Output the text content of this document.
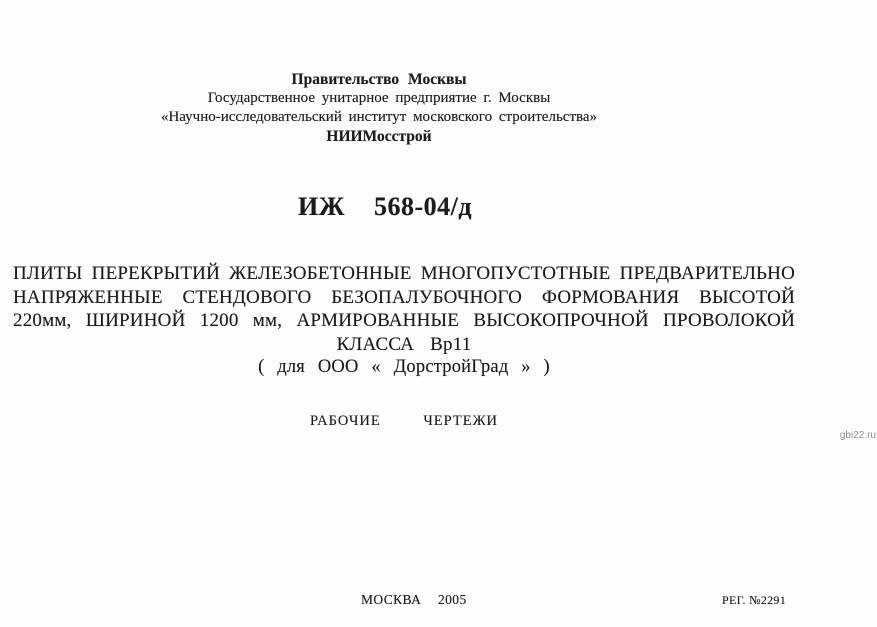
Правительство Москвы
Государственное унитарное предприятие г. Москвы
«Научно-исследовательский институт московского строительства»
НИИМосстрой
ИЖ 568-04/д
ПЛИТЫ ПЕРЕКРЫТИЙ ЖЕЛЕЗОБЕТОННЫЕ МНОГОПУСТОТНЫЕ ПРЕДВАРИТЕЛЬНО
НАПРЯЖЕННЫЕ СТЕНДОВОГО БЕЗОПАЛУБОЧНОГО ФОРМОВАНИЯ ВЫСОТОЙ
220мм, ШИРИНОЙ 1200 мм, АРМИРОВАННЫЕ ВЫСОКОПРОЧНОЙ ПРОВОЛОКОЙ
КЛАССА Вр11
( для ООО « ДорстройГрад » )
РАБОЧИЕ ЧЕРТЕЖИ
gbi22.ru
МОСКВА 2005	РЕГ. №2291
